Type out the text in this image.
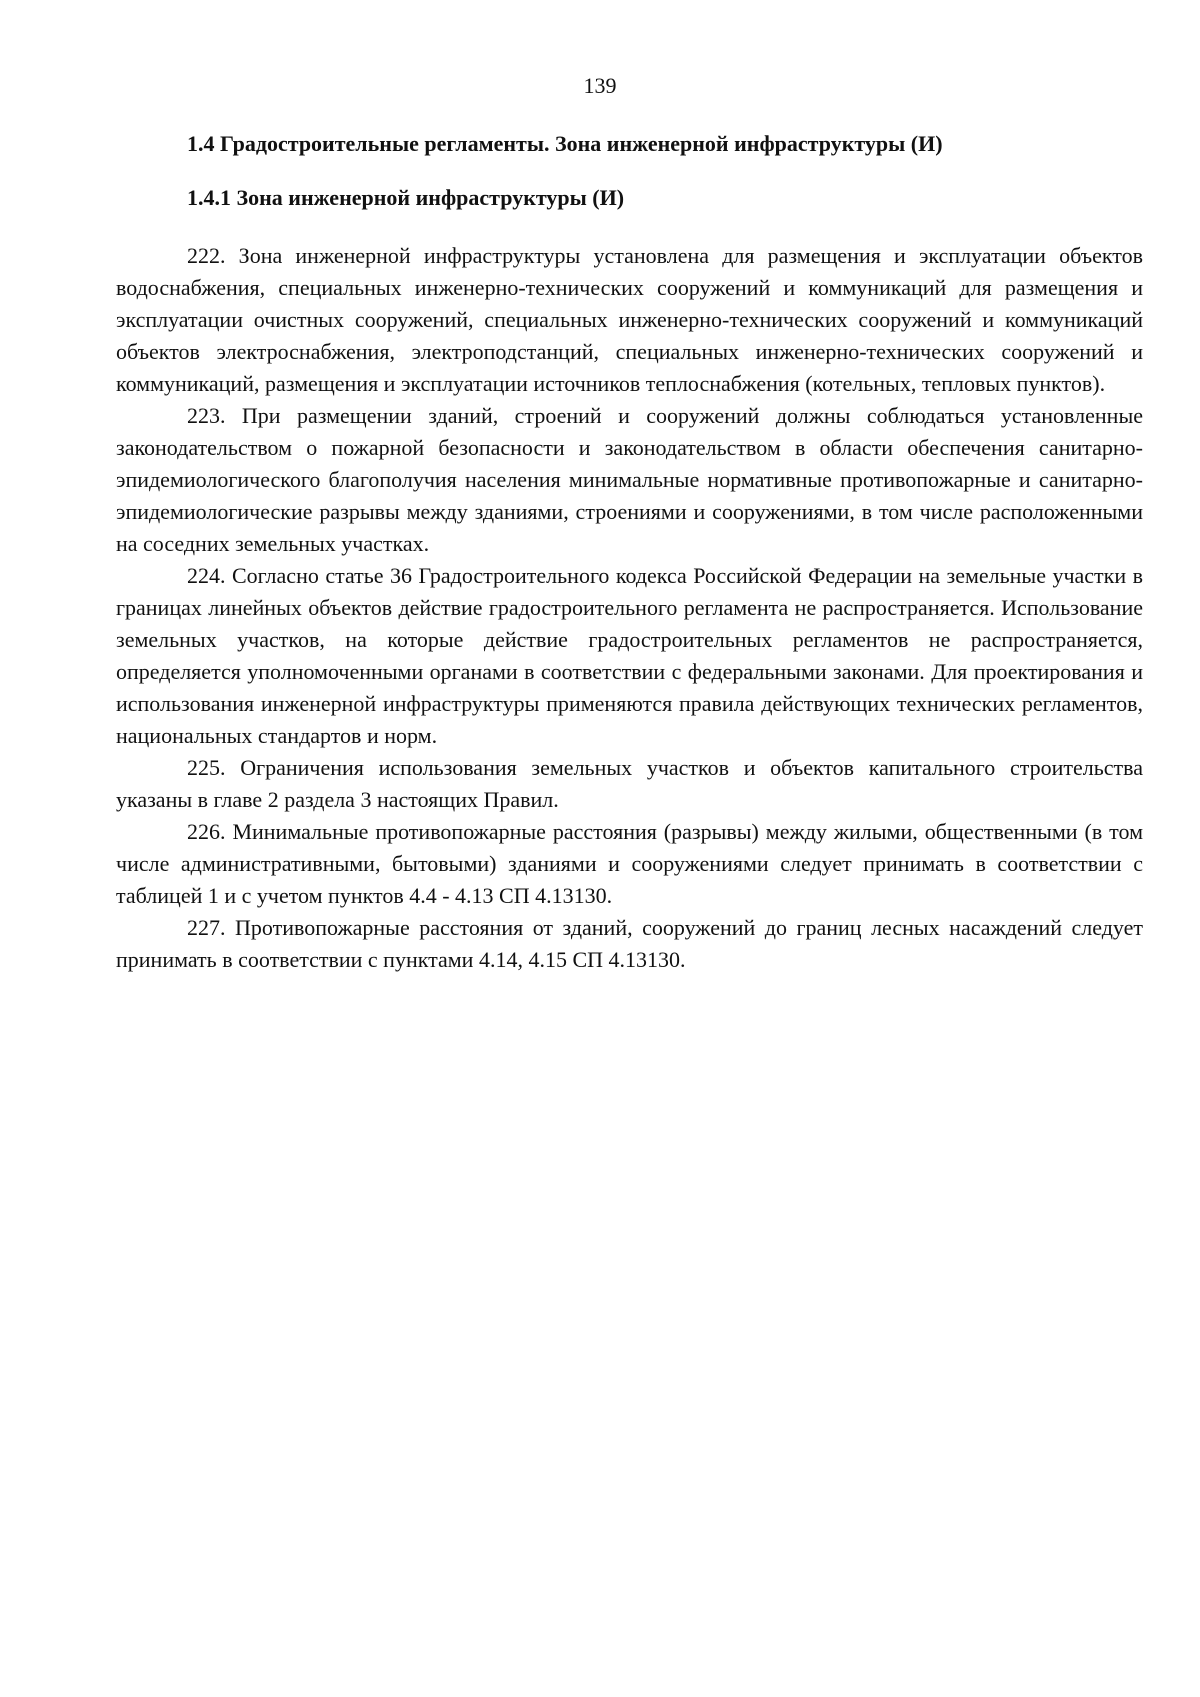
139
1.4 Градостроительные регламенты. Зона инженерной инфраструктуры (И)
1.4.1 Зона инженерной инфраструктуры (И)

222. Зона инженерной инфраструктуры установлена для размещения и эксплуатации объектов водоснабжения, специальных инженерно-технических сооружений и коммуникаций для размещения и эксплуатации очистных сооружений, специальных инженерно-технических сооружений и коммуникаций объектов электроснабжения, электроподстанций, специальных инженерно-технических сооружений и коммуникаций, размещения и эксплуатации источников теплоснабжения (котельных, тепловых пунктов).

223. При размещении зданий, строений и сооружений должны соблюдаться установленные законодательством о пожарной безопасности и законодательством в области обеспечения санитарно-эпидемиологического благополучия населения минимальные нормативные противопожарные и санитарно-эпидемиологические разрывы между зданиями, строениями и сооружениями, в том числе расположенными на соседних земельных участках.

224. Согласно статье 36 Градостроительного кодекса Российской Федерации на земельные участки в границах линейных объектов действие градостроительного регламента не распространяется. Использование земельных участков, на которые действие градостроительных регламентов не распространяется, определяется уполномоченными органами в соответствии с федеральными законами. Для проектирования и использования инженерной инфраструктуры применяются правила действующих технических регламентов, национальных стандартов и норм.

225. Ограничения использования земельных участков и объектов капитального строительства указаны в главе 2 раздела 3 настоящих Правил.

226. Минимальные противопожарные расстояния (разрывы) между жилыми, общественными (в том числе административными, бытовыми) зданиями и сооружениями следует принимать в соответствии с таблицей 1 и с учетом пунктов 4.4 - 4.13 СП 4.13130.

227. Противопожарные расстояния от зданий, сооружений до границ лесных насаждений следует принимать в соответствии с пунктами 4.14, 4.15 СП 4.13130.
